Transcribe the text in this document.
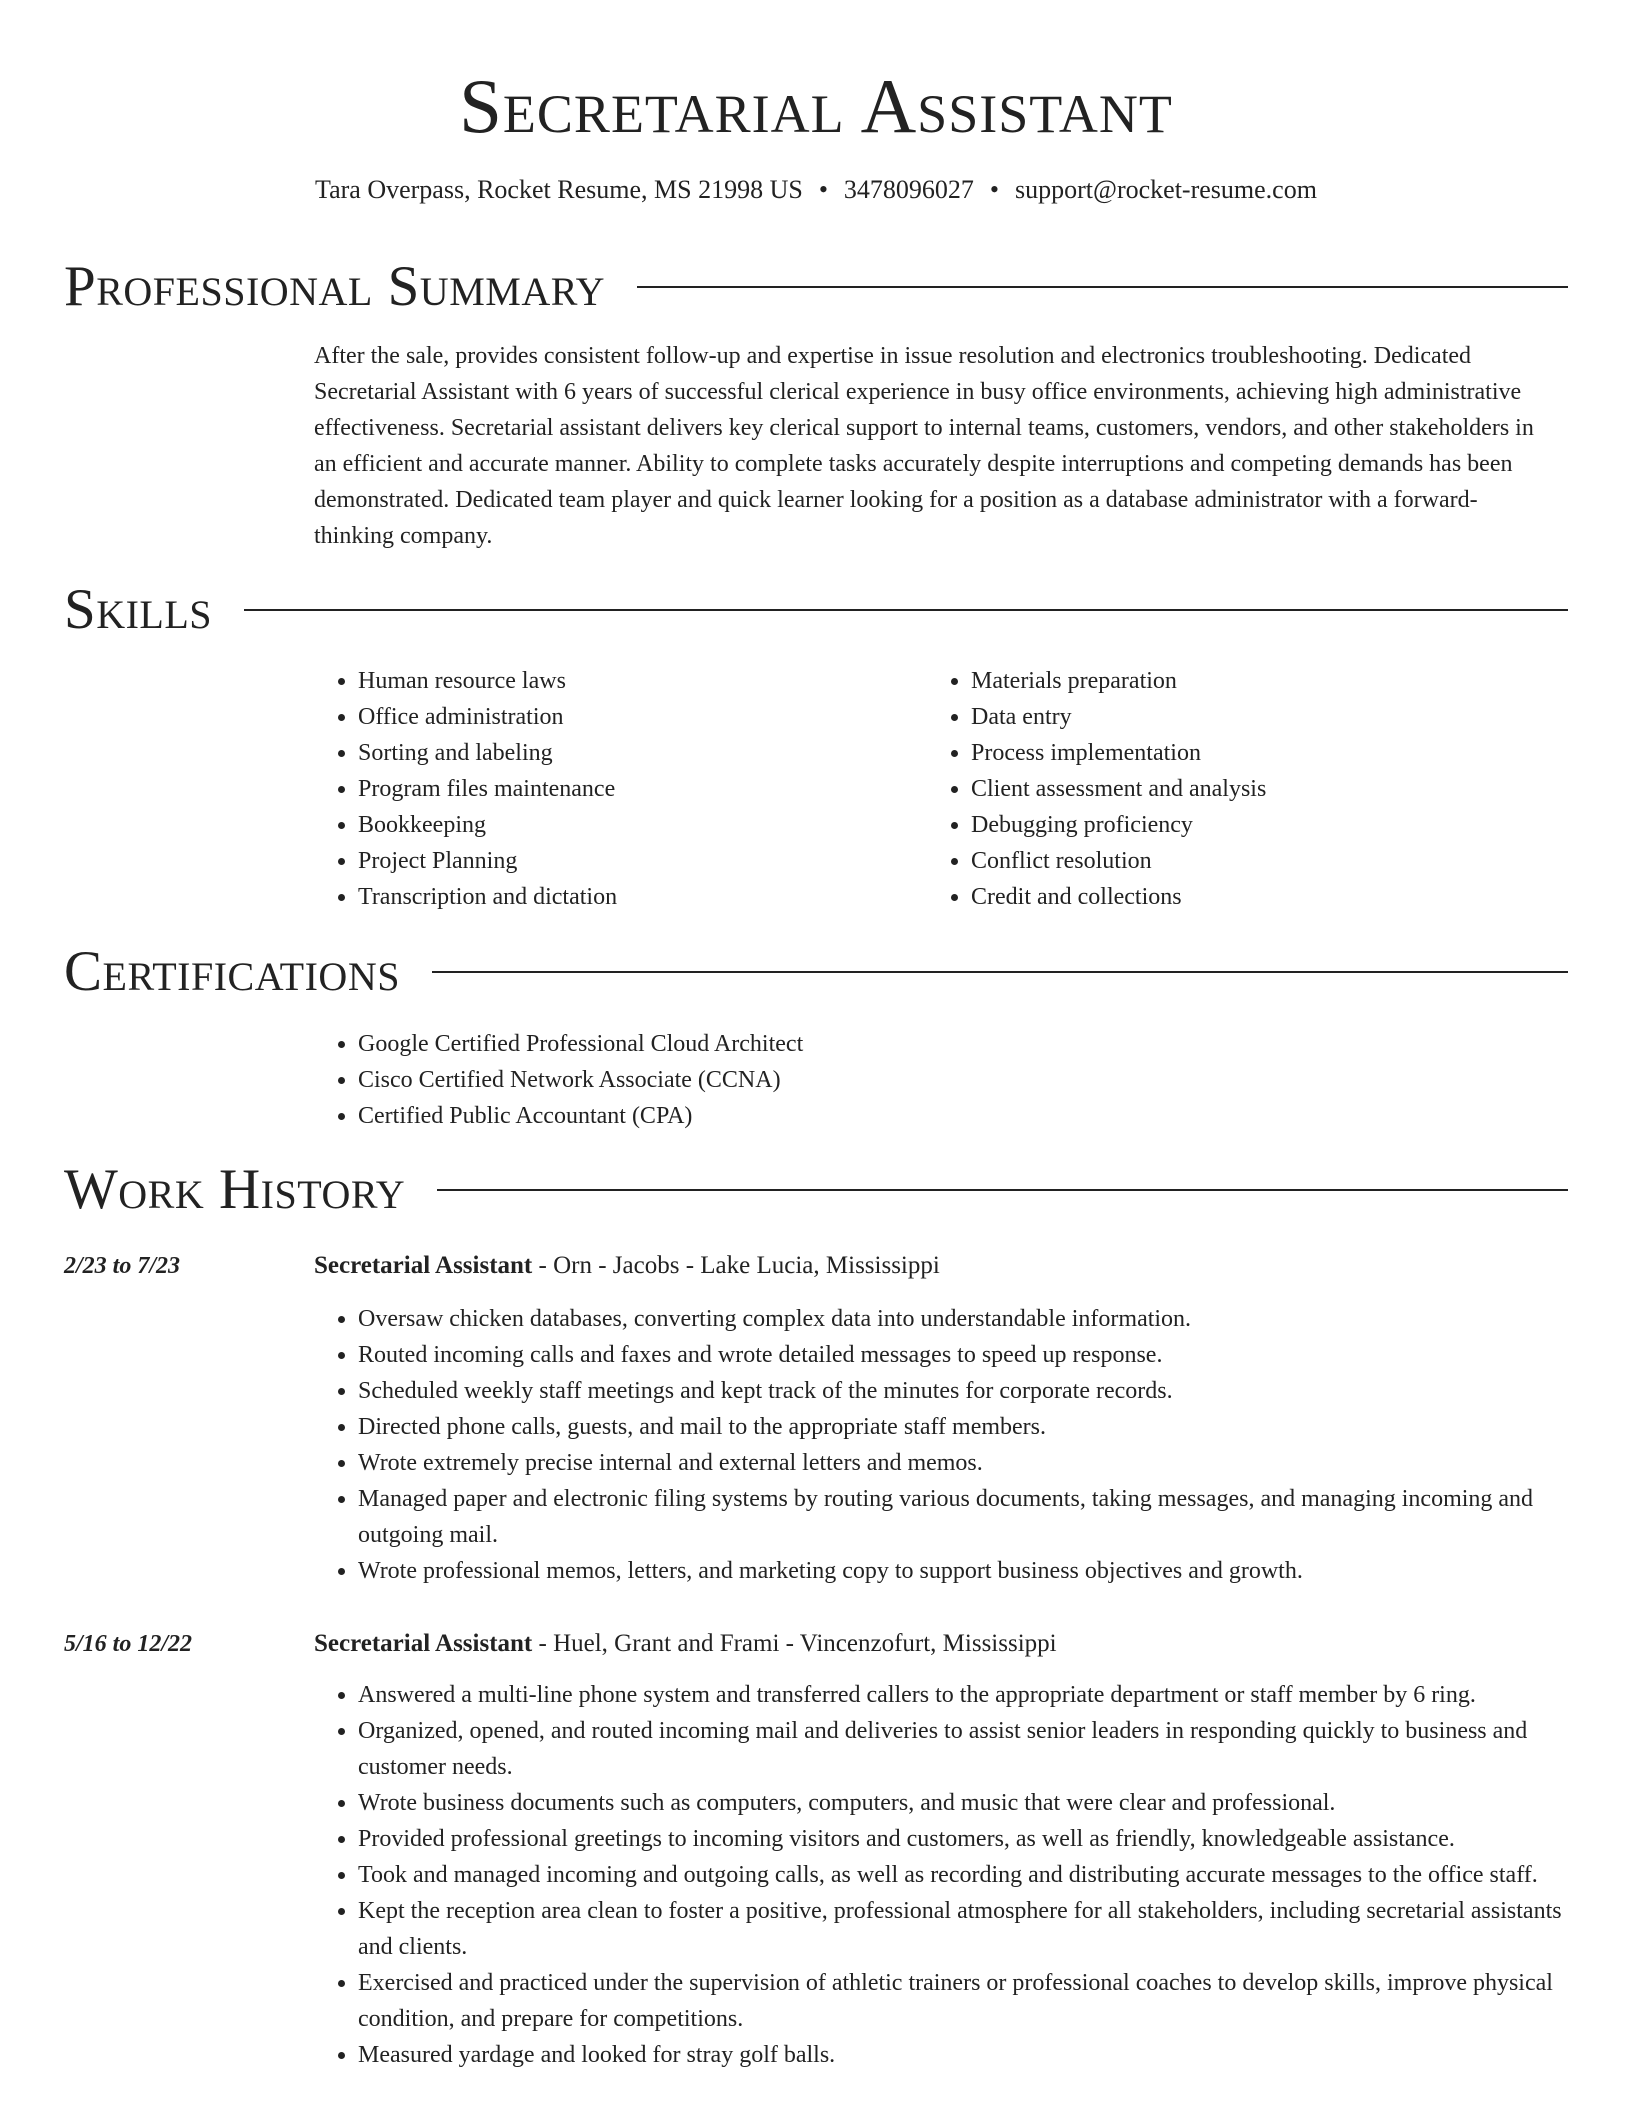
Secretarial Assistant
Tara Overpass, Rocket Resume, MS 21998 US • 3478096027 • support@rocket-resume.com
Professional Summary

After the sale, provides consistent follow-up and expertise in issue resolution and electronics troubleshooting. Dedicated Secretarial Assistant with 6 years of successful clerical experience in busy office environments, achieving high administrative effectiveness. Secretarial assistant delivers key clerical support to internal teams, customers, vendors, and other stakeholders in an efficient and accurate manner. Ability to complete tasks accurately despite interruptions and competing demands has been demonstrated. Dedicated team player and quick learner looking for a position as a database administrator with a forward-thinking company.

Skills
• Human resource laws
• Office administration
• Sorting and labeling
• Program files maintenance
• Bookkeeping
• Project Planning
• Transcription and dictation
• Materials preparation
• Data entry
• Process implementation
• Client assessment and analysis
• Debugging proficiency
• Conflict resolution
• Credit and collections
Certifications
• Google Certified Professional Cloud Architect
• Cisco Certified Network Associate (CCNA)
• Certified Public Accountant (CPA)
Work History
2/23 to 7/23	Secretarial Assistant - Orn - Jacobs - Lake Lucia, Mississippi
• Oversaw chicken databases, converting complex data into understandable information.
• Routed incoming calls and faxes and wrote detailed messages to speed up response.
• Scheduled weekly staff meetings and kept track of the minutes for corporate records.
• Directed phone calls, guests, and mail to the appropriate staff members.
• Wrote extremely precise internal and external letters and memos.
• Managed paper and electronic filing systems by routing various documents, taking messages, and managing incoming and outgoing mail.
• Wrote professional memos, letters, and marketing copy to support business objectives and growth.
5/16 to 12/22	Secretarial Assistant - Huel, Grant and Frami - Vincenzofurt, Mississippi
• Answered a multi-line phone system and transferred callers to the appropriate department or staff member by 6 ring.
• Organized, opened, and routed incoming mail and deliveries to assist senior leaders in responding quickly to business and customer needs.
• Wrote business documents such as computers, computers, and music that were clear and professional.
• Provided professional greetings to incoming visitors and customers, as well as friendly, knowledgeable assistance.
• Took and managed incoming and outgoing calls, as well as recording and distributing accurate messages to the office staff.
• Kept the reception area clean to foster a positive, professional atmosphere for all stakeholders, including secretarial assistants and clients.
• Exercised and practiced under the supervision of athletic trainers or professional coaches to develop skills, improve physical condition, and prepare for competitions.
• Measured yardage and looked for stray golf balls.
